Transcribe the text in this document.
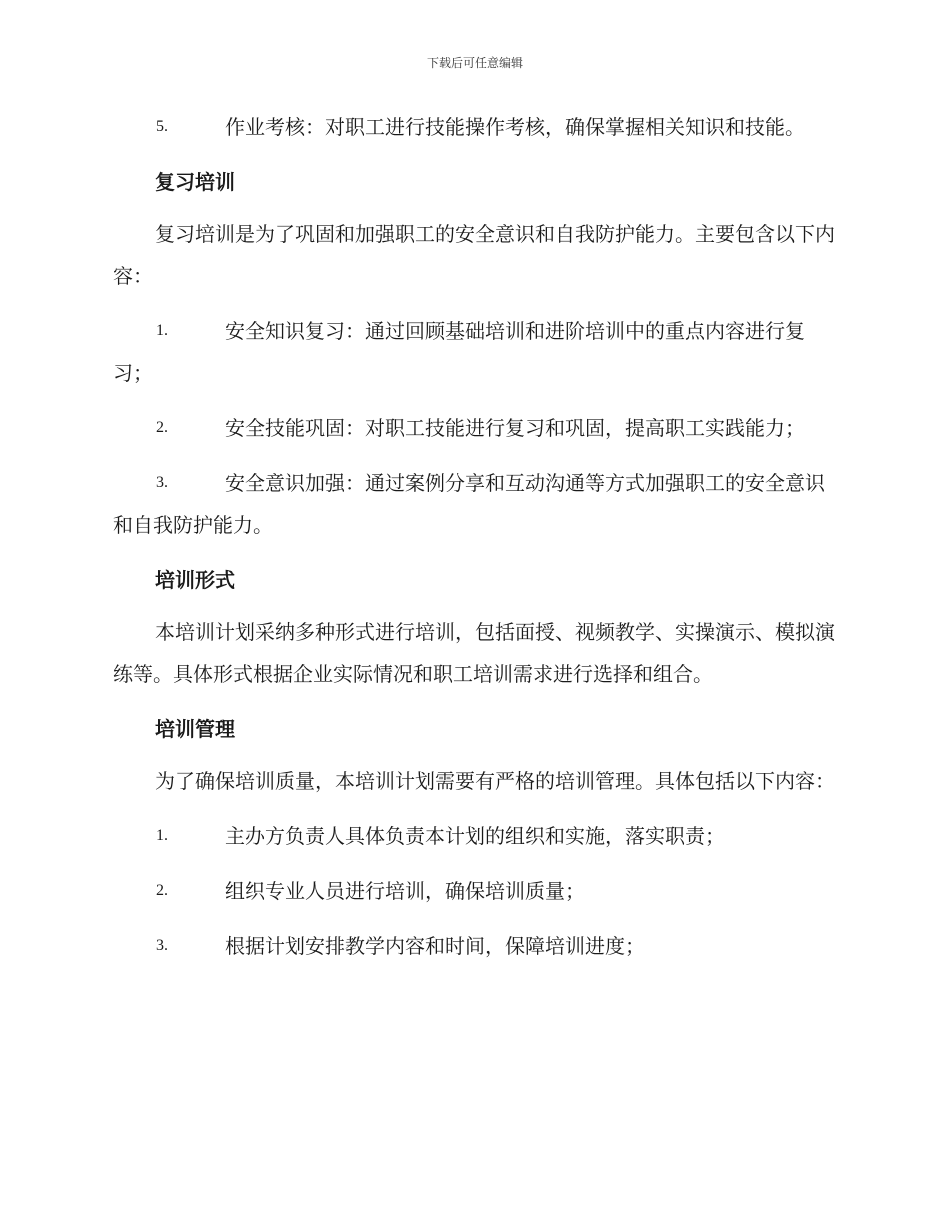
下载后可任意编辑

5.	作业考核：对职工进行技能操作考核，确保掌握相关知识和技能。

复习培训

复习培训是为了巩固和加强职工的安全意识和自我防护能力。主要包含以下内容：

1.	安全知识复习：通过回顾基础培训和进阶培训中的重点内容进行复习；

2.	安全技能巩固：对职工技能进行复习和巩固，提高职工实践能力；

3.	安全意识加强：通过案例分享和互动沟通等方式加强职工的安全意识和自我防护能力。

培训形式

本培训计划采纳多种形式进行培训，包括面授、视频教学、实操演示、模拟演练等。具体形式根据企业实际情况和职工培训需求进行选择和组合。

培训管理

为了确保培训质量，本培训计划需要有严格的培训管理。具体包括以下内容：

1.	主办方负责人具体负责本计划的组织和实施，落实职责；

2.	组织专业人员进行培训，确保培训质量；

3.	根据计划安排教学内容和时间，保障培训进度；
